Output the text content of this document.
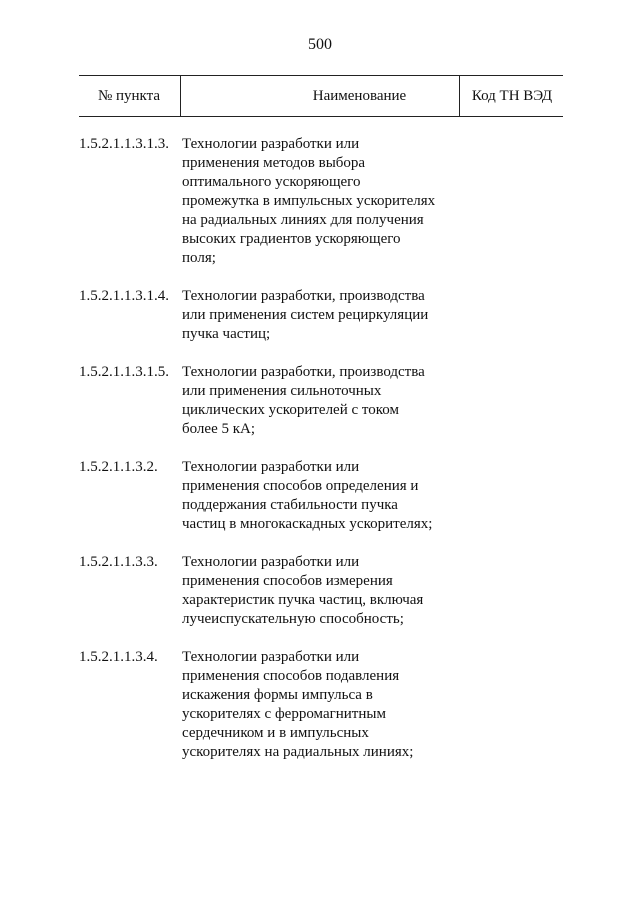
500
№ пункта	Наименование	Код ТН ВЭД
1.5.2.1.1.3.1.3. Технологии разработки или
применения методов выбора
оптимального ускоряющего
промежутка в импульсных ускорителях
на радиальных линиях для получения
высоких градиентов ускоряющего
поля;
1.5.2.1.1.3.1.4. Технологии разработки, производства
или применения систем рециркуляции
пучка частиц;
1.5.2.1.1.3.1.5. Технологии разработки, производства
или применения сильноточных
циклических ускорителей с током
более 5 кА;
1.5.2.1.1.3.2. Технологии разработки или
применения способов определения и
поддержания стабильности пучка
частиц в многокаскадных ускорителях;
1.5.2.1.1.3.3. Технологии разработки или
применения способов измерения
характеристик пучка частиц, включая
лучеиспускательную способность;
1.5.2.1.1.3.4. Технологии разработки или
применения способов подавления
искажения формы импульса в
ускорителях с ферромагнитным
сердечником и в импульсных
ускорителях на радиальных линиях;
